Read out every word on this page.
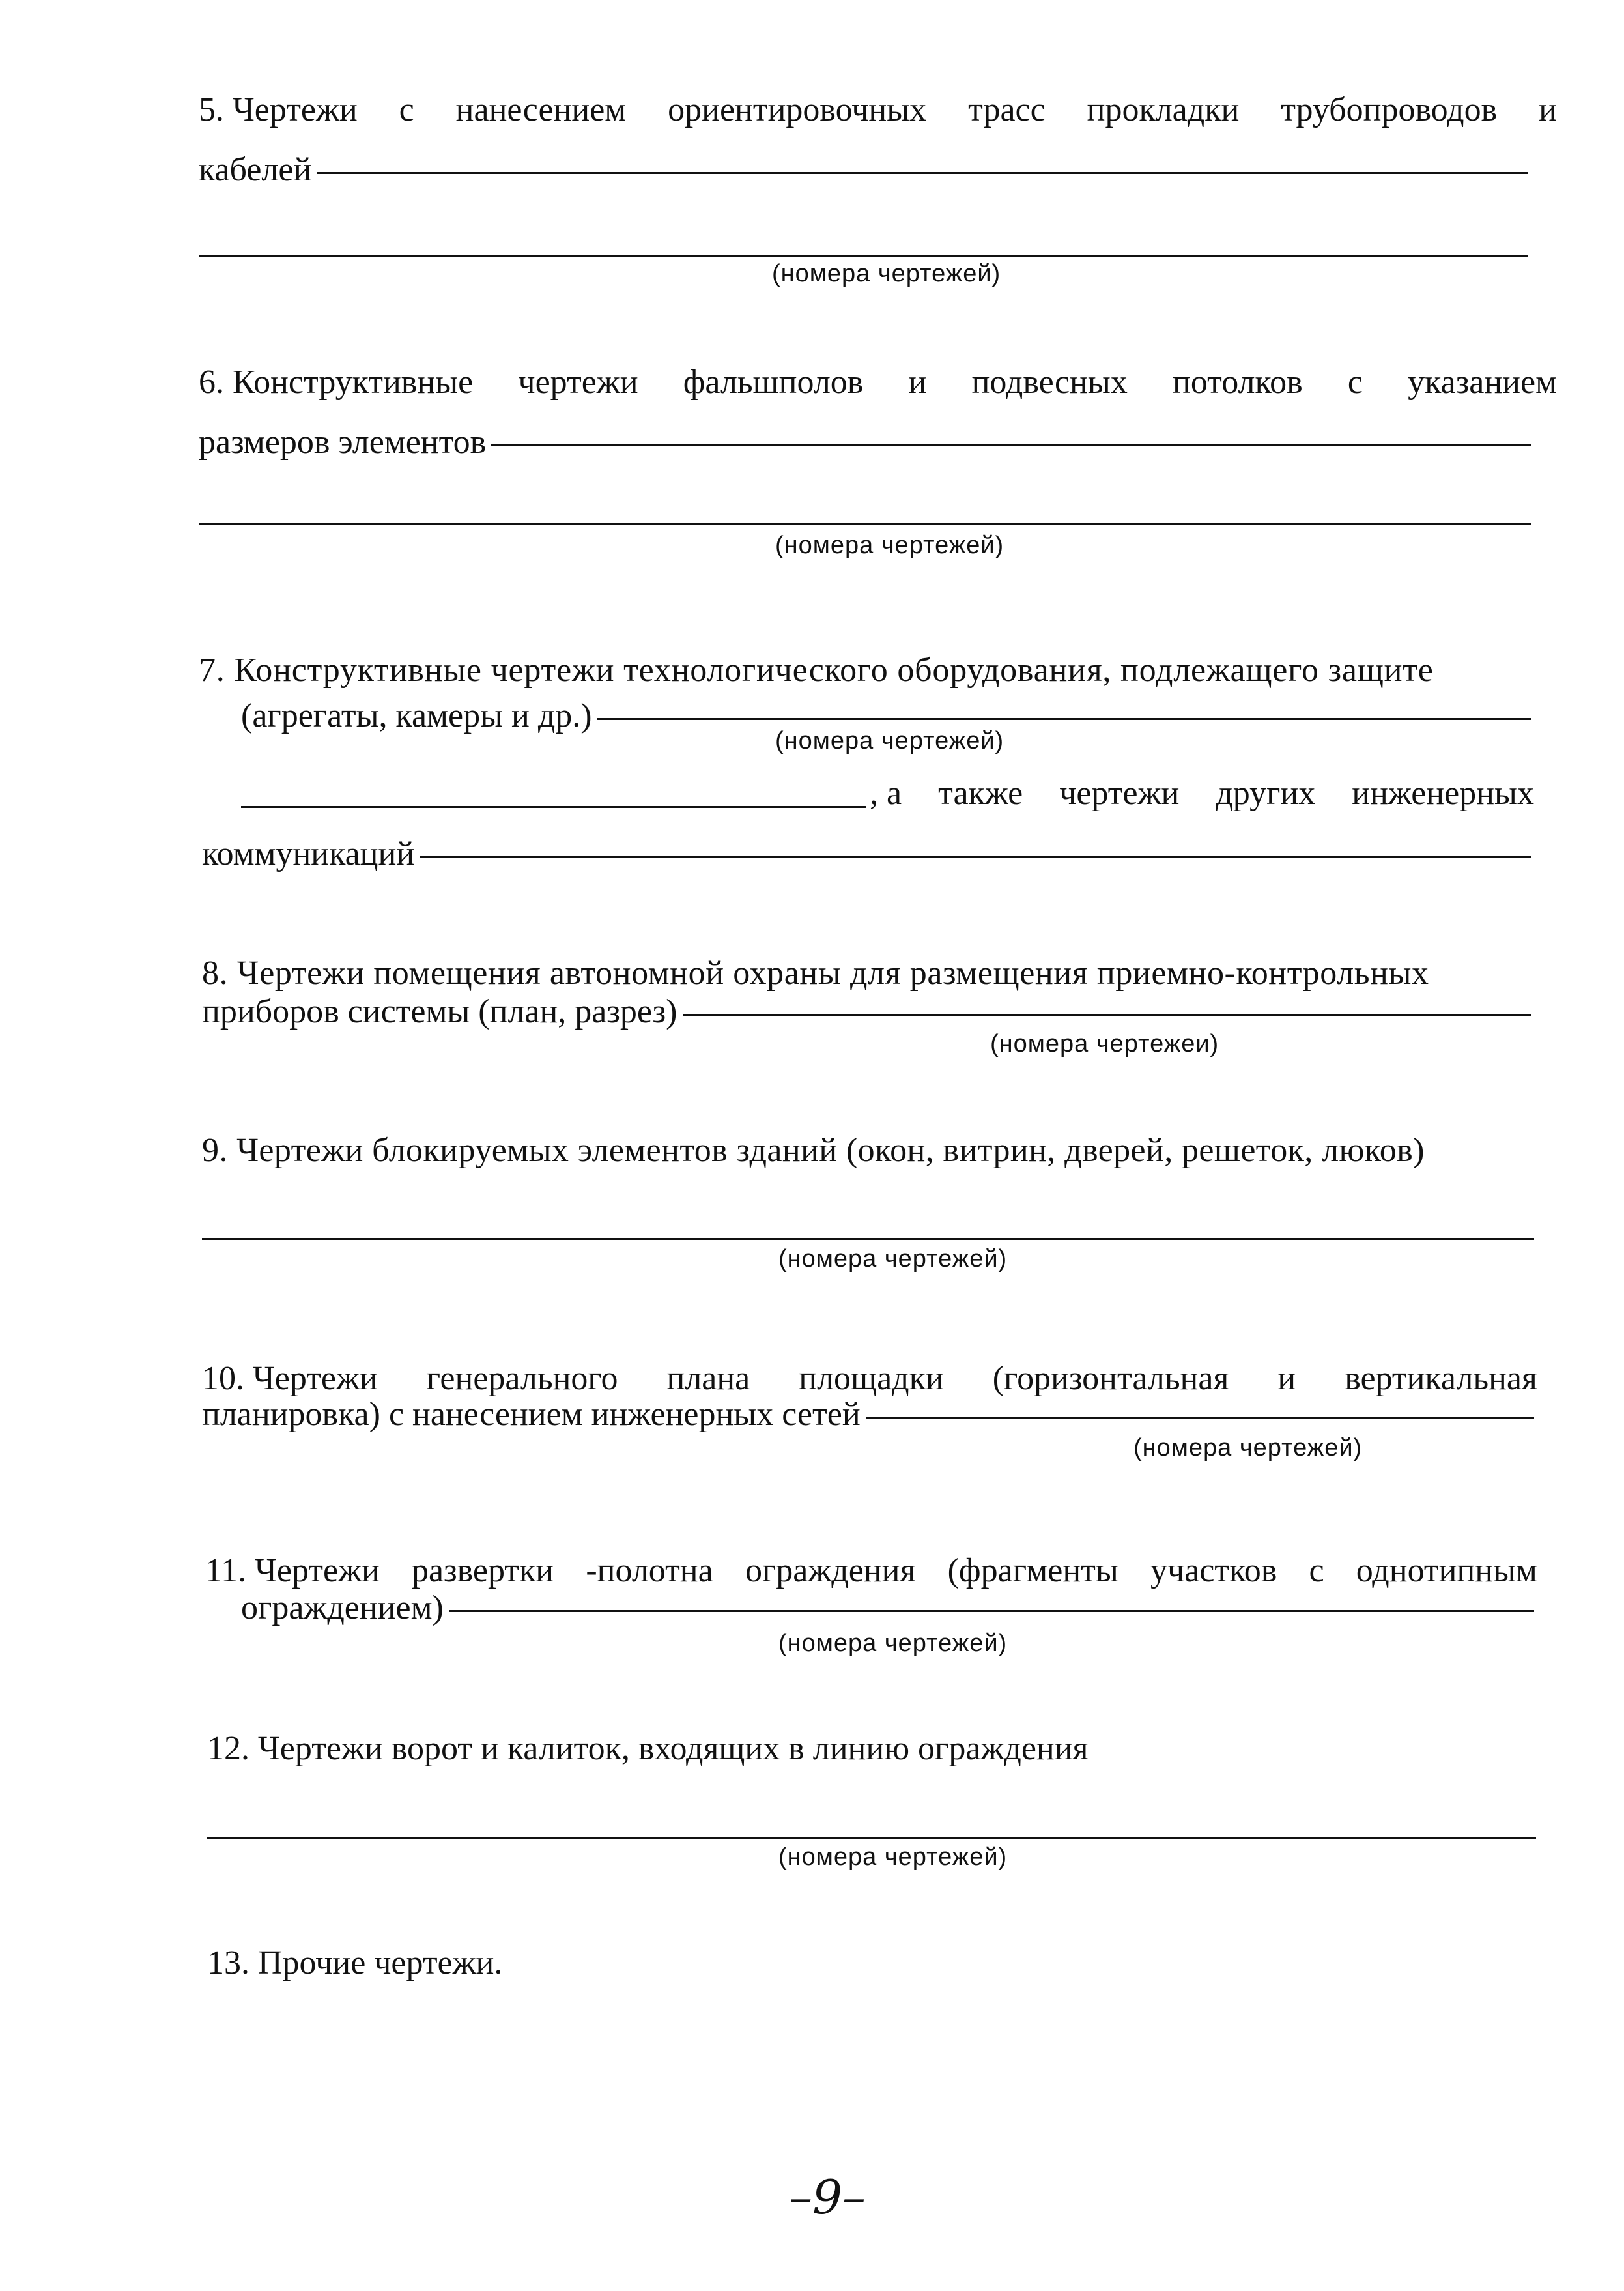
5. Чертежи с нанесением ориентировочных трасс прокладки трубопроводов и
кабелей
(номера чертежей)
6. Конструктивные чертежи фальшполов и подвесных потолков с указанием
размеров элементов
(номера чертежей)
7. Конструктивные чертежи технологического оборудования, подлежащего защите
(агрегаты, камеры и др.)
(номера чертежей)
, а также чертежи других инженерных
коммуникаций
8. Чертежи помещения автономной охраны для размещения приемно-контрольных
приборов системы (план, разрез)
(номера чертежеи)
9. Чертежи блокируемых элементов зданий (окон, витрин, дверей, решеток, люков)
(номера чертежей)
10. Чертежи генерального плана площадки (горизонтальная и вертикальная
планировка) с нанесением инженерных сетей
(номера чертежей)
11. Чертежи развертки -полотна ограждения (фрагменты участков с однотипным
ограждением)
(номера чертежей)
12. Чертежи ворот и калиток, входящих в линию ограждения
(номера чертежей)
13. Прочие чертежи.
–9–
